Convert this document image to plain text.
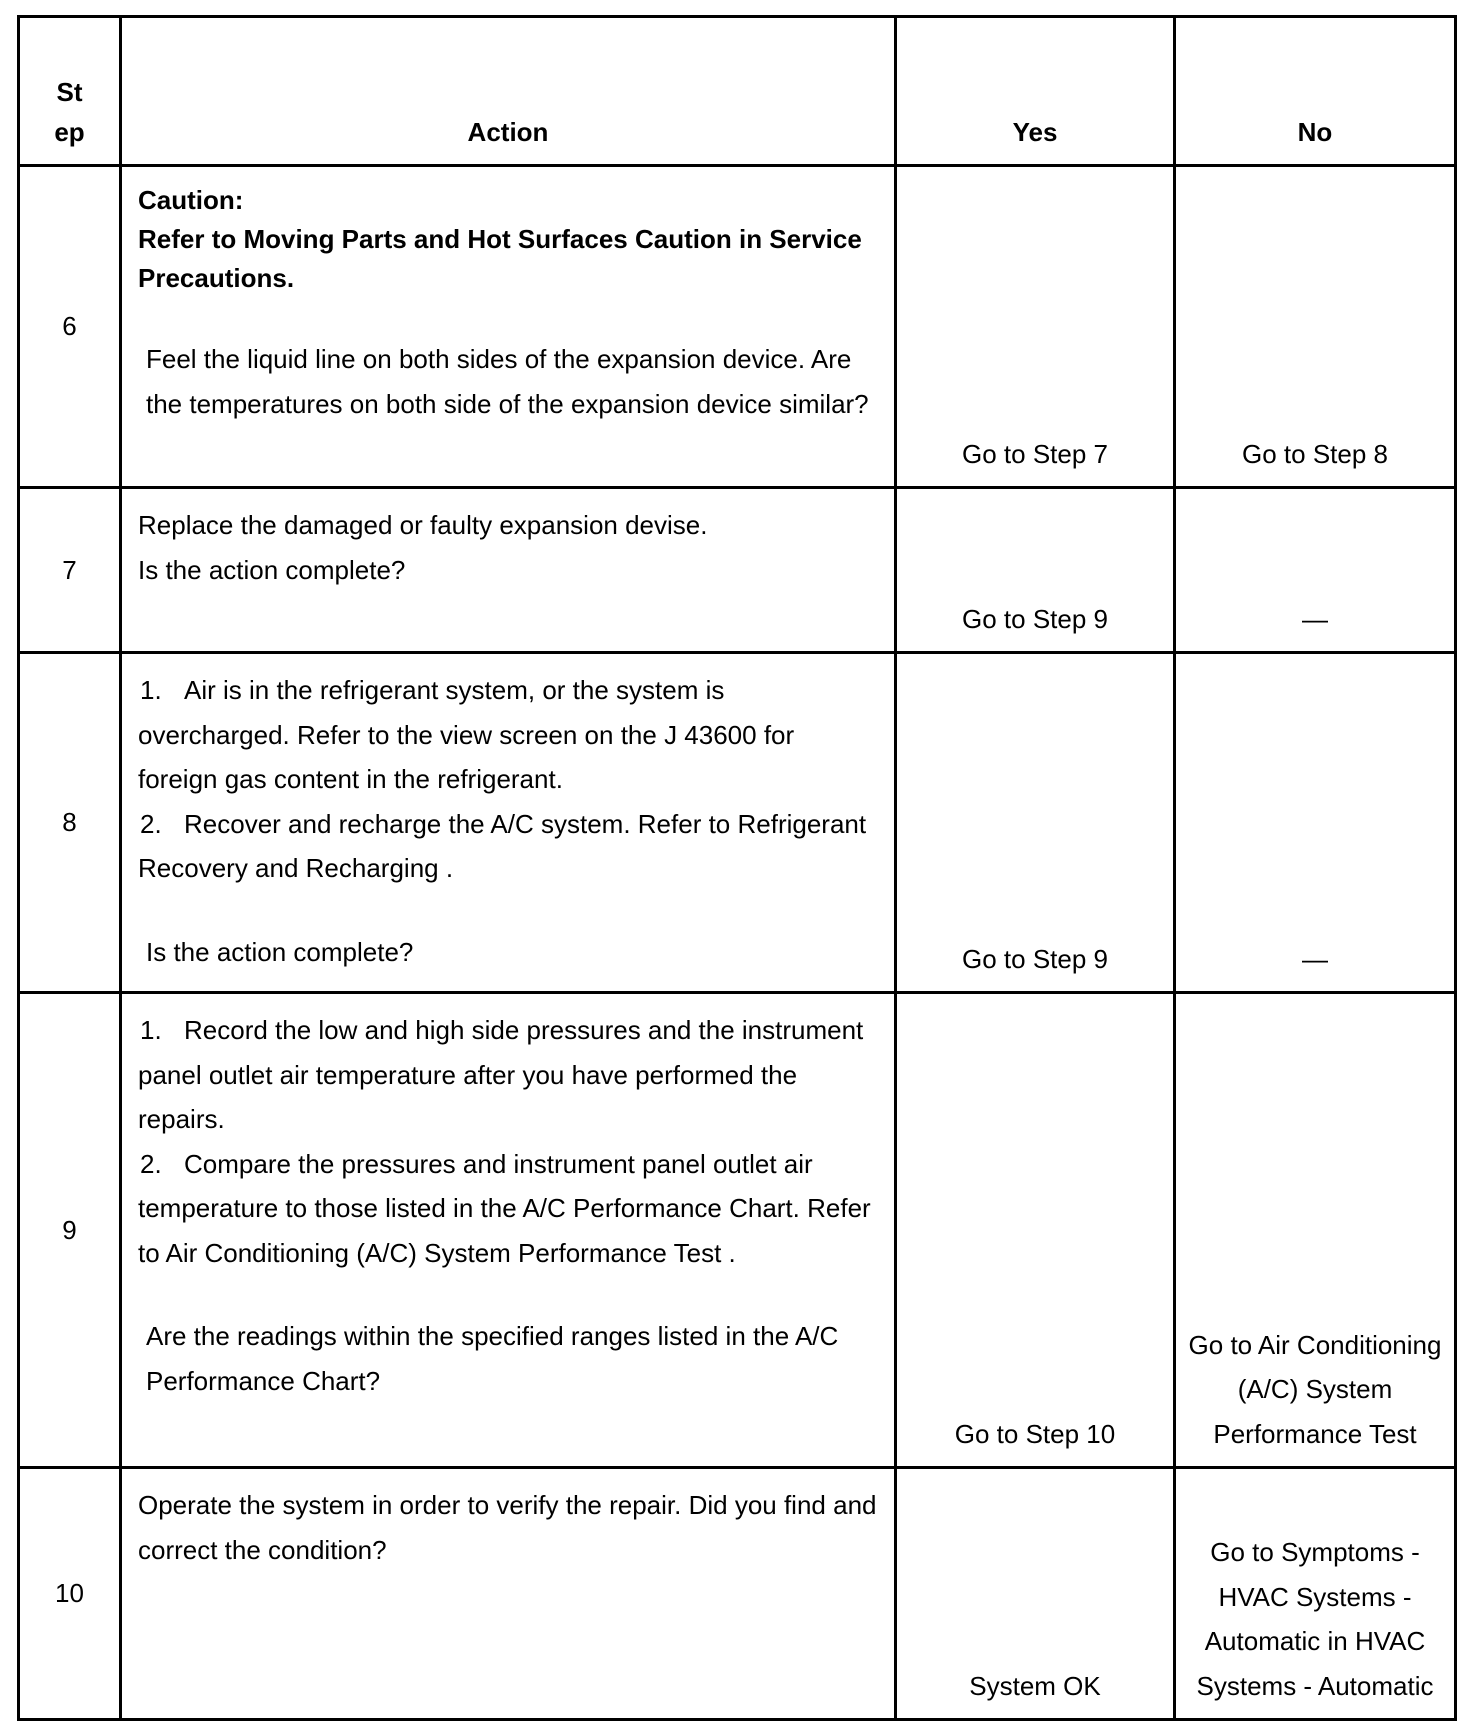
St
ep	Action	Yes	No

6	Caution:

Refer to Moving Parts and Hot Surfaces Caution in Service Precautions.

Feel the liquid line on both sides of the expansion device. Are the temperatures on both side of the expansion device similar?	Go to Step 7	Go to Step 8

7	Replace the damaged or faulty expansion devise.

Is the action complete?	Go to Step 9	—

8	1. Air is in the refrigerant system, or the system is overcharged. Refer to the view screen on the J 43600 for foreign gas content in the refrigerant.

2. Recover and recharge the A/C system. Refer to Refrigerant Recovery and Recharging .

Is the action complete?	Go to Step 9	—

9	1. Record the low and high side pressures and the instrument panel outlet air temperature after you have performed the repairs.

2. Compare the pressures and instrument panel outlet air temperature to those listed in the A/C Performance Chart. Refer to Air Conditioning (A/C) System Performance Test .

Are the readings within the specified ranges listed in the A/C Performance Chart?	Go to Step 10	Go to Air Conditioning (A/C) System Performance Test

10	Operate the system in order to verify the repair. Did you find and correct the condition?	System OK	Go to Symptoms - HVAC Systems - Automatic in HVAC Systems - Automatic
